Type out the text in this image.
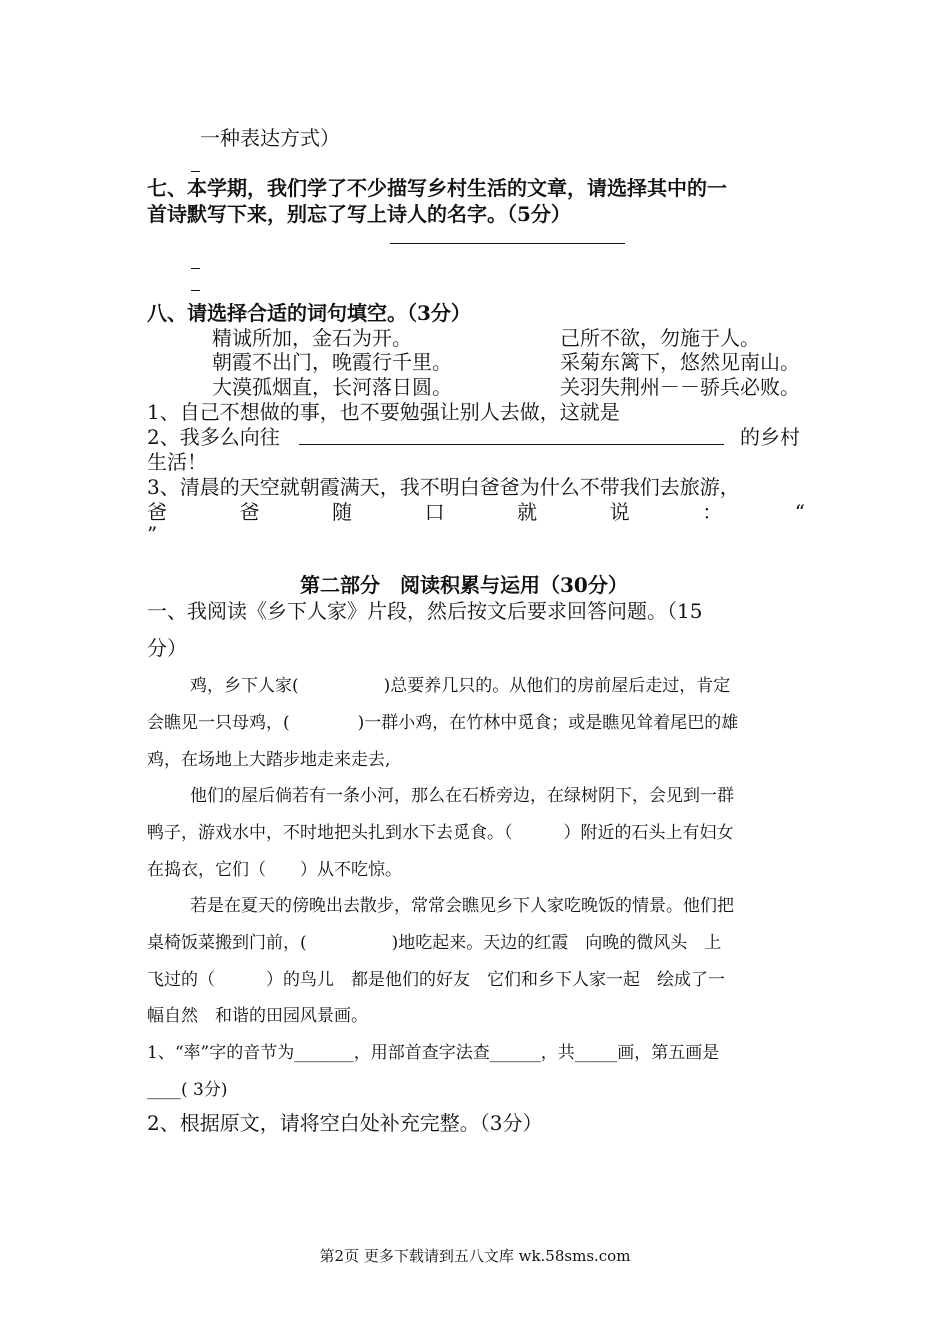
一种表达方式）
七、本学期，我们学了不少描写乡村生活的文章，请选择其中的一
首诗默写下来，别忘了写上诗人的名字。（5分）
八、请选择合适的词句填空。（3分）
精诚所加，金石为开。	己所不欲，勿施于人。
朝霞不出门，晚霞行千里。	采菊东篱下，悠然见南山。
大漠孤烟直，长河落日圆。	关羽失荆州－－骄兵必败。
1、自己不想做的事，也不要勉强让别人去做，这就是
2、我多么向往	的乡村
生活！
3、清晨的天空就朝霞满天，我不明白爸爸为什么不带我们去旅游，
爸	爸	随	口	就	说	：	“
”
第二部分　阅读积累与运用（30分）
一、我阅读《乡下人家》片段，然后按文后要求回答问题。（15
分）
鸡，乡下人家(　　　　　)总要养几只的。从他们的房前屋后走过，肯定
会瞧见一只母鸡，(　　　　)一群小鸡，在竹林中觅食；或是瞧见耸着尾巴的雄
鸡，在场地上大踏步地走来走去,
他们的屋后倘若有一条小河，那么在石桥旁边，在绿树阴下，会见到一群
鸭子，游戏水中，不时地把头扎到水下去觅食。（　　　）附近的石头上有妇女
在捣衣，它们（　　）从不吃惊。
若是在夏天的傍晚出去散步，常常会瞧见乡下人家吃晚饭的情景。他们把
桌椅饭菜搬到门前，(　　　　　)地吃起来。天边的红霞　向晚的微风头　上
飞过的（　　　）的鸟儿　都是他们的好友　它们和乡下人家一起　绘成了一
幅自然　和谐的田园风景画。
1、“率”字的音节为_______，用部首查字法查______，共_____画，第五画是
____( 3分)
2、根据原文，请将空白处补充完整。（3分）
第2页 更多下载请到五八文库 wk.58sms.com
